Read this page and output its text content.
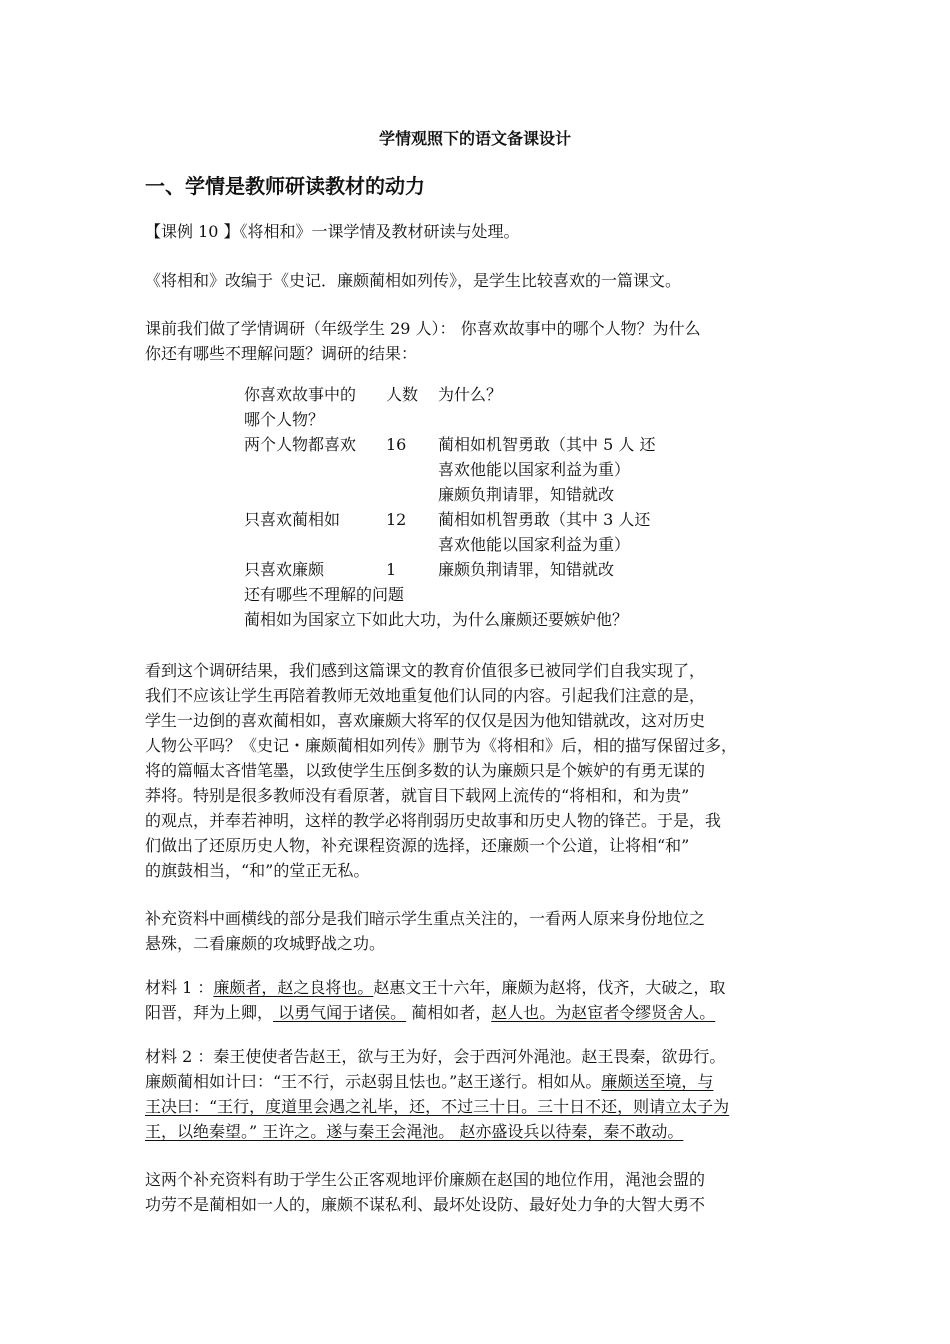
学情观照下的语文备课设计
一、学情是教师研读教材的动力
【课例 10 】《将相和》一课学情及教材研读与处理。
《将相和》改编于《史记．廉颇蔺相如列传》，是学生比较喜欢的一篇课文。

课前我们做了学情调研（年级学生 29 人）： 你喜欢故事中的哪个人物？为什么

你还有哪些不理解问题？调研的结果：

你喜欢故事中的 人数 为什么？
哪个人物？
两个人物都喜欢 16 蔺相如机智勇敢（其中 5 人 还
喜欢他能以国家利益为重）
廉颇负荆请罪，知错就改
只喜欢蔺相如	12 蔺相如机智勇敢（其中 3 人还
喜欢他能以国家利益为重）
只喜欢廉颇	1	廉颇负荆请罪，知错就改
还有哪些不理解的问题
蔺相如为国家立下如此大功，为什么廉颇还要嫉妒他？

看到这个调研结果，我们感到这篇课文的教育价值很多已被同学们自我实现了，

我们不应该让学生再陪着教师无效地重复他们认同的内容。引起我们注意的是，

学生一边倒的喜欢蔺相如，喜欢廉颇大将军的仅仅是因为他知错就改，这对历史

人物公平吗？《史记・廉颇蔺相如列传》删节为《将相和》后，相的描写保留过多，

将的篇幅太吝惜笔墨，以致使学生压倒多数的认为廉颇只是个嫉妒的有勇无谋的

莽将。特别是很多教师没有看原著，就盲目下载网上流传的“将相和，和为贵”

的观点，并奉若神明，这样的教学必将削弱历史故事和历史人物的锋芒。于是，我

们做出了还原历史人物，补充课程资源的选择，还廉颇一个公道，让将相“和”

的旗鼓相当，“和”的堂正无私。

补充资料中画横线的部分是我们暗示学生重点关注的，一看两人原来身份地位之

悬殊，二看廉颇的攻城野战之功。

材料 1 ：廉颇者，赵之良将也。赵惠文王十六年，廉颇为赵将，伐齐，大破之，取

阳晋，拜为上卿， 以勇气闻于诸侯。 蔺相如者，赵人也。为赵宦者令缪贤舍人。

材料 2 ：秦王使使者告赵王，欲与王为好，会于西河外渑池。赵王畏秦，欲毋行。

廉颇蔺相如计曰：“王不行，示赵弱且怯也。”赵王遂行。相如从。廉颇送至境，与

王决曰：“王行，度道里会遇之礼毕，还，不过三十日。三十日不还，则请立太子为

王，以绝秦望。” 王许之。遂与秦王会渑池。 赵亦盛设兵以待秦，秦不敢动。

这两个补充资料有助于学生公正客观地评价廉颇在赵国的地位作用，渑池会盟的

功劳不是蔺相如一人的，廉颇不谋私利、最坏处设防、最好处力争的大智大勇不
